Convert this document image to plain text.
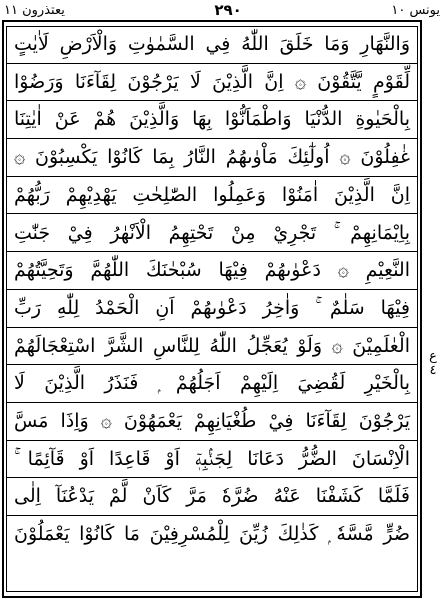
يعتذرون ١١	٢٩٠	يونس ١٠
وَالنَّهَارِ وَمَا خَلَقَ اللّٰهُ فِي السَّمٰوٰتِ وَالْاَرْضِ لَاٰيٰتٍ
لِّقَوْمٍ يَّتَّقُوْنَ ۞ اِنَّ الَّذِيْنَ لَا يَرْجُوْنَ لِقَآءَنَا وَرَضُوْا
بِالْحَيٰوةِ الدُّنْيَا وَاطْمَاَنُّوْا بِهَا وَالَّذِيْنَ هُمْ عَنْ اٰيٰتِنَا
غٰفِلُوْنَ ۞ اُولٰٓئِكَ مَاْوٰىهُمُ النَّارُ بِمَا كَانُوْا يَكْسِبُوْنَ ۞
اِنَّ الَّذِيْنَ اٰمَنُوْا وَعَمِلُوا الصّٰلِحٰتِ يَهْدِيْهِمْ رَبُّهُمْ
بِاِيْمَانِهِمْ ۚ تَجْرِيْ مِنْ تَحْتِهِمُ الْاَنْهٰرُ فِيْ جَنّٰتِ
النَّعِيْمِ ۞ دَعْوٰىهُمْ فِيْهَا سُبْحٰنَكَ اللّٰهُمَّ وَتَحِيَّتُهُمْ
فِيْهَا سَلٰمٌ ۚ وَاٰخِرُ دَعْوٰىهُمْ اَنِ الْحَمْدُ لِلّٰهِ رَبِّ
الْعٰلَمِيْنَ ۞ وَلَوْ يُعَجِّلُ اللّٰهُ لِلنَّاسِ الشَّرَّ اسْتِعْجَالَهُمْ
بِالْخَيْرِ لَقُضِيَ اِلَيْهِمْ اَجَلُهُمْ ۭ فَنَذَرُ الَّذِيْنَ لَا
يَرْجُوْنَ لِقَآءَنَا فِيْ طُغْيَانِهِمْ يَعْمَهُوْنَ ۞ وَاِذَا مَسَّ
الْاِنْسَانَ الضُّرُّ دَعَانَا لِجَنْۢبِهٖٓ اَوْ قَاعِدًا اَوْ قَآئِمًا ۚ
فَلَمَّا كَشَفْنَا عَنْهُ ضُرَّهٗ مَرَّ كَاَنْ لَّمْ يَدْعُنَآ اِلٰى
ضُرٍّ مَّسَّهٗ ۭ كَذٰلِكَ زُيِّنَ لِلْمُسْرِفِيْنَ مَا كَانُوْا يَعْمَلُوْنَ
ع ٤
